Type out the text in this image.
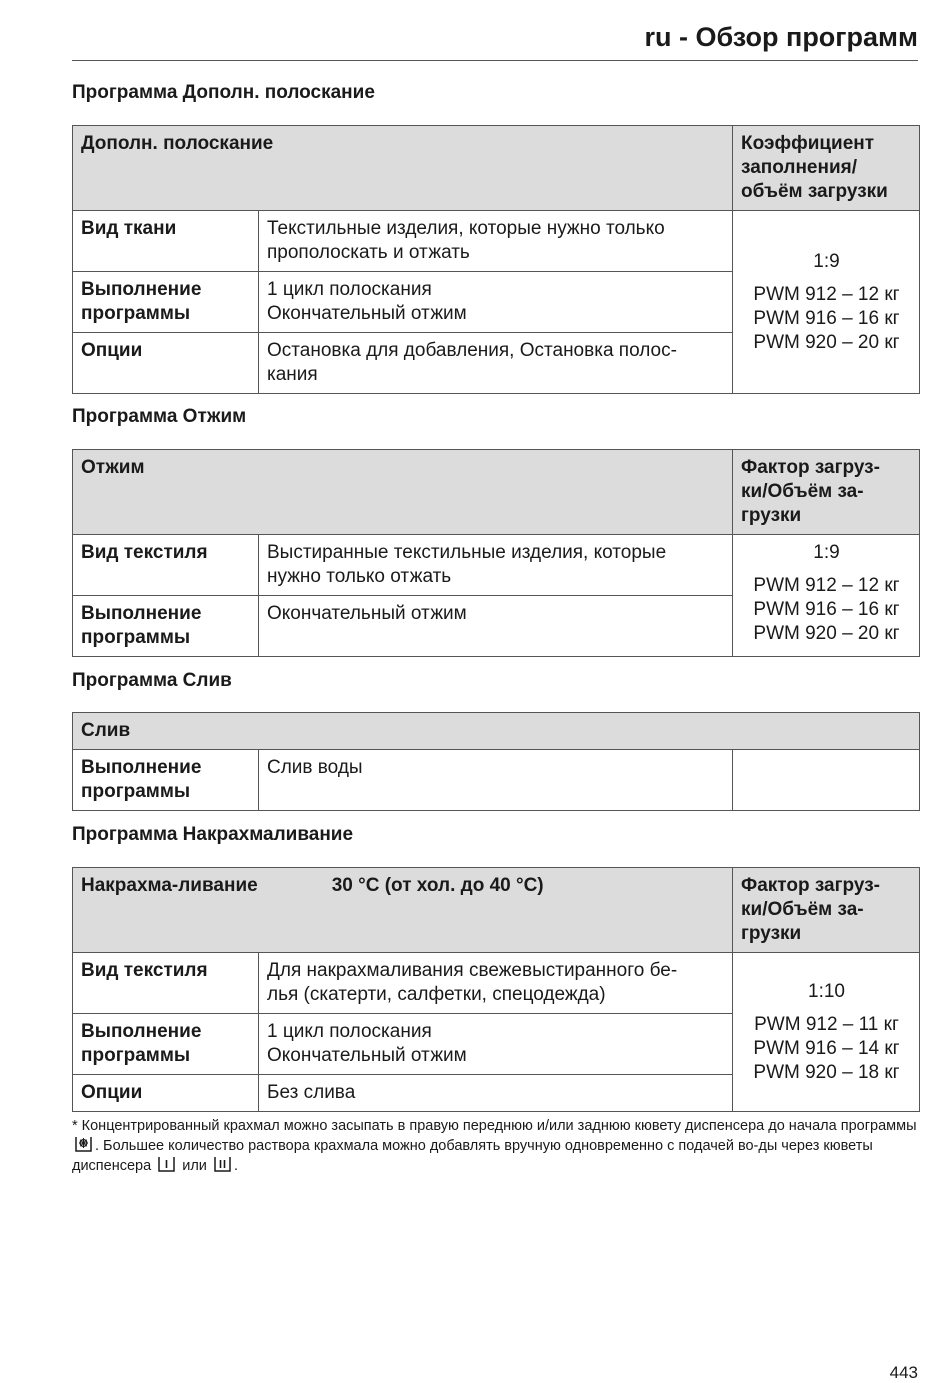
ru - Обзор программ
Программа Дополн. полоскание
Дополн. полоскание		Коэффициент заполнения/ объём загрузки
Вид ткани	Текстильные изделия, которые нужно только прополоскать и отжать	1:9
PWM 912 – 12 кг
PWM 916 – 16 кг
PWM 920 – 20 кг

Выполнение программы	1 цикл полоскания
Окончательный отжим	
Опции	Остановка для добавления, Остановка полос-
кания	
Программа Отжим
Отжим		Фактор загруз-
ки/Объём за-
грузки
Вид текстиля	Выстиранные текстильные изделия, которые нужно только отжать	1:9
PWM 912 – 12 кг
PWM 916 – 16 кг
PWM 920 – 20 кг

Выполнение
программы	Окончательный отжим	
Программа Слив
Слив
Выполнение
программы	Слив воды	
Программа Накрахмаливание
Накрахма-ливание 30 °C (от хол. до 40 °C)		Фактор загруз-
ки/Объём за-
грузки
Вид текстиля	Для накрахмаливания свежевыстиранного бе-
лья (скатерти, салфетки, спецодежда)	1:10
PWM 912 – 11 кг
PWM 916 – 14 кг
PWM 920 – 18 кг

Выполнение
программы	1 цикл полоскания
Окончательный отжим	
Опции	Без слива	
* Концентрированный крахмал можно засыпать в правую переднюю и/или заднюю кювету диспенсера до начала программы . Большее количество раствора крахмала можно добавлять вручную одновременно с подачей во-ды через кюветы диспенсера или .
443
